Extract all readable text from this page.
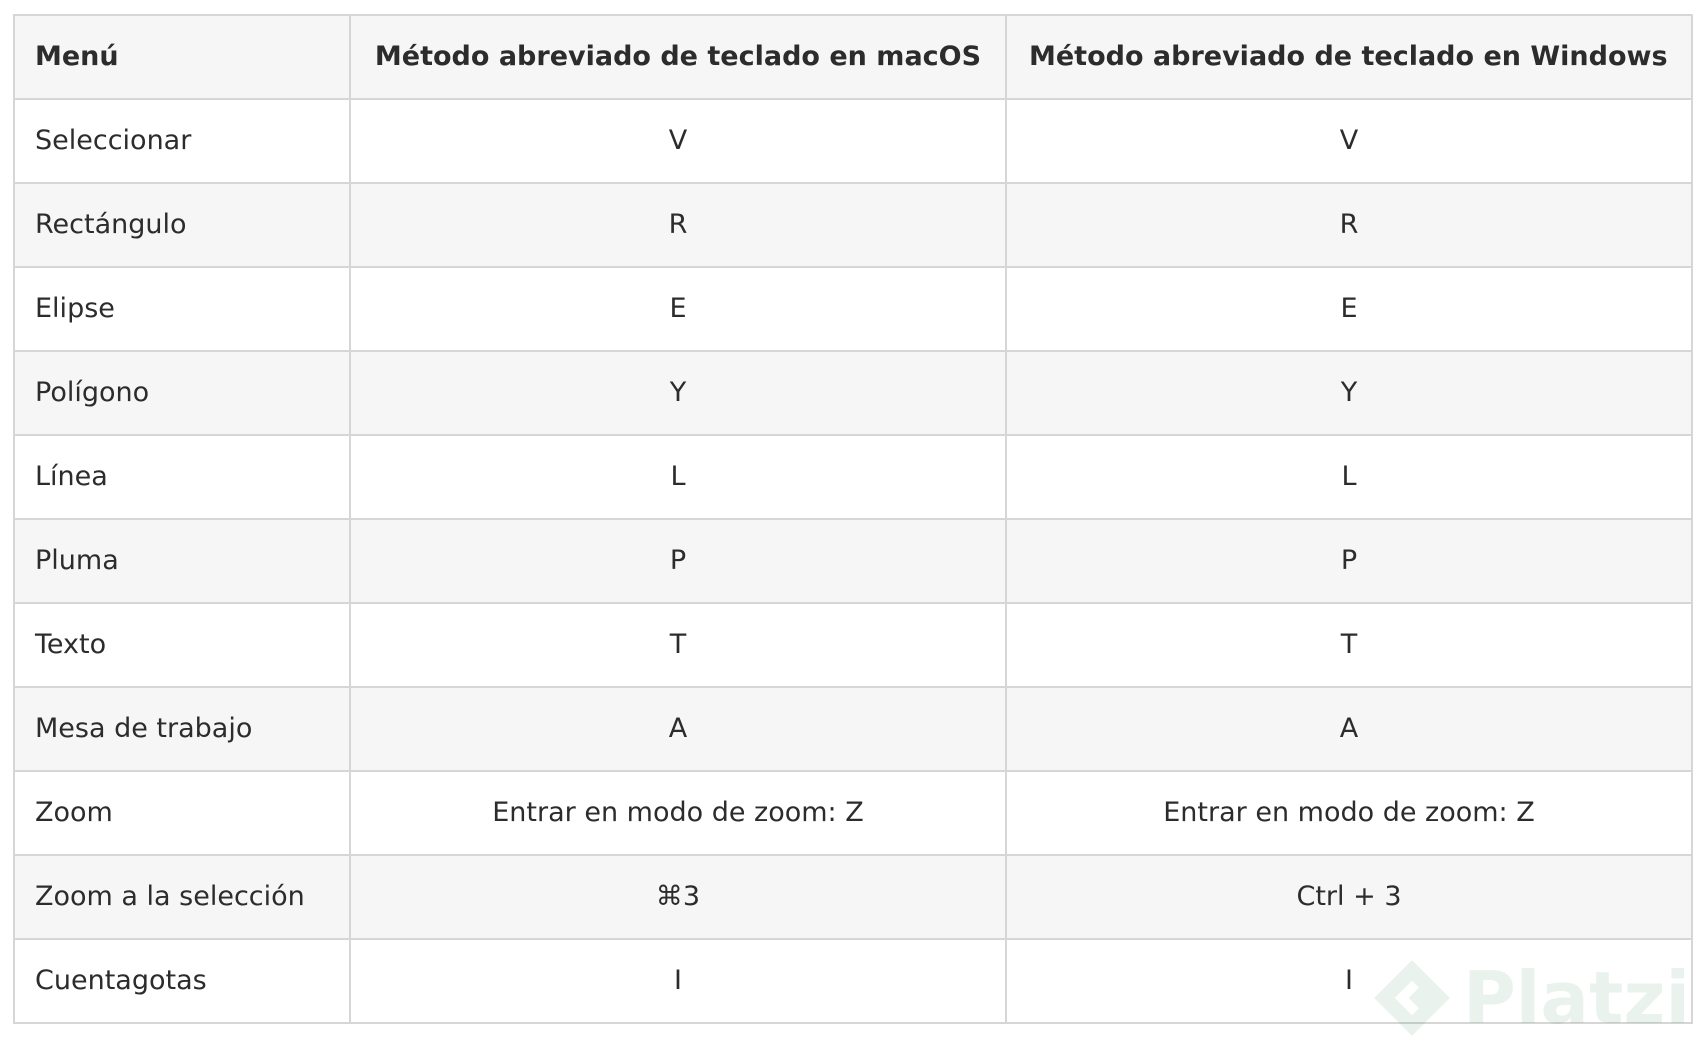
Menú	Método abreviado de teclado en macOS	Método abreviado de teclado en Windows
Seleccionar	V	V
Rectángulo	R	R
Elipse	E	E
Polígono	Y	Y
Línea	L	L
Pluma	P	P
Texto	T	T
Mesa de trabajo	A	A
Zoom	Entrar en modo de zoom: Z	Entrar en modo de zoom: Z
Zoom a la selección	⌘3	Ctrl + 3
Cuentagotas	I	I
